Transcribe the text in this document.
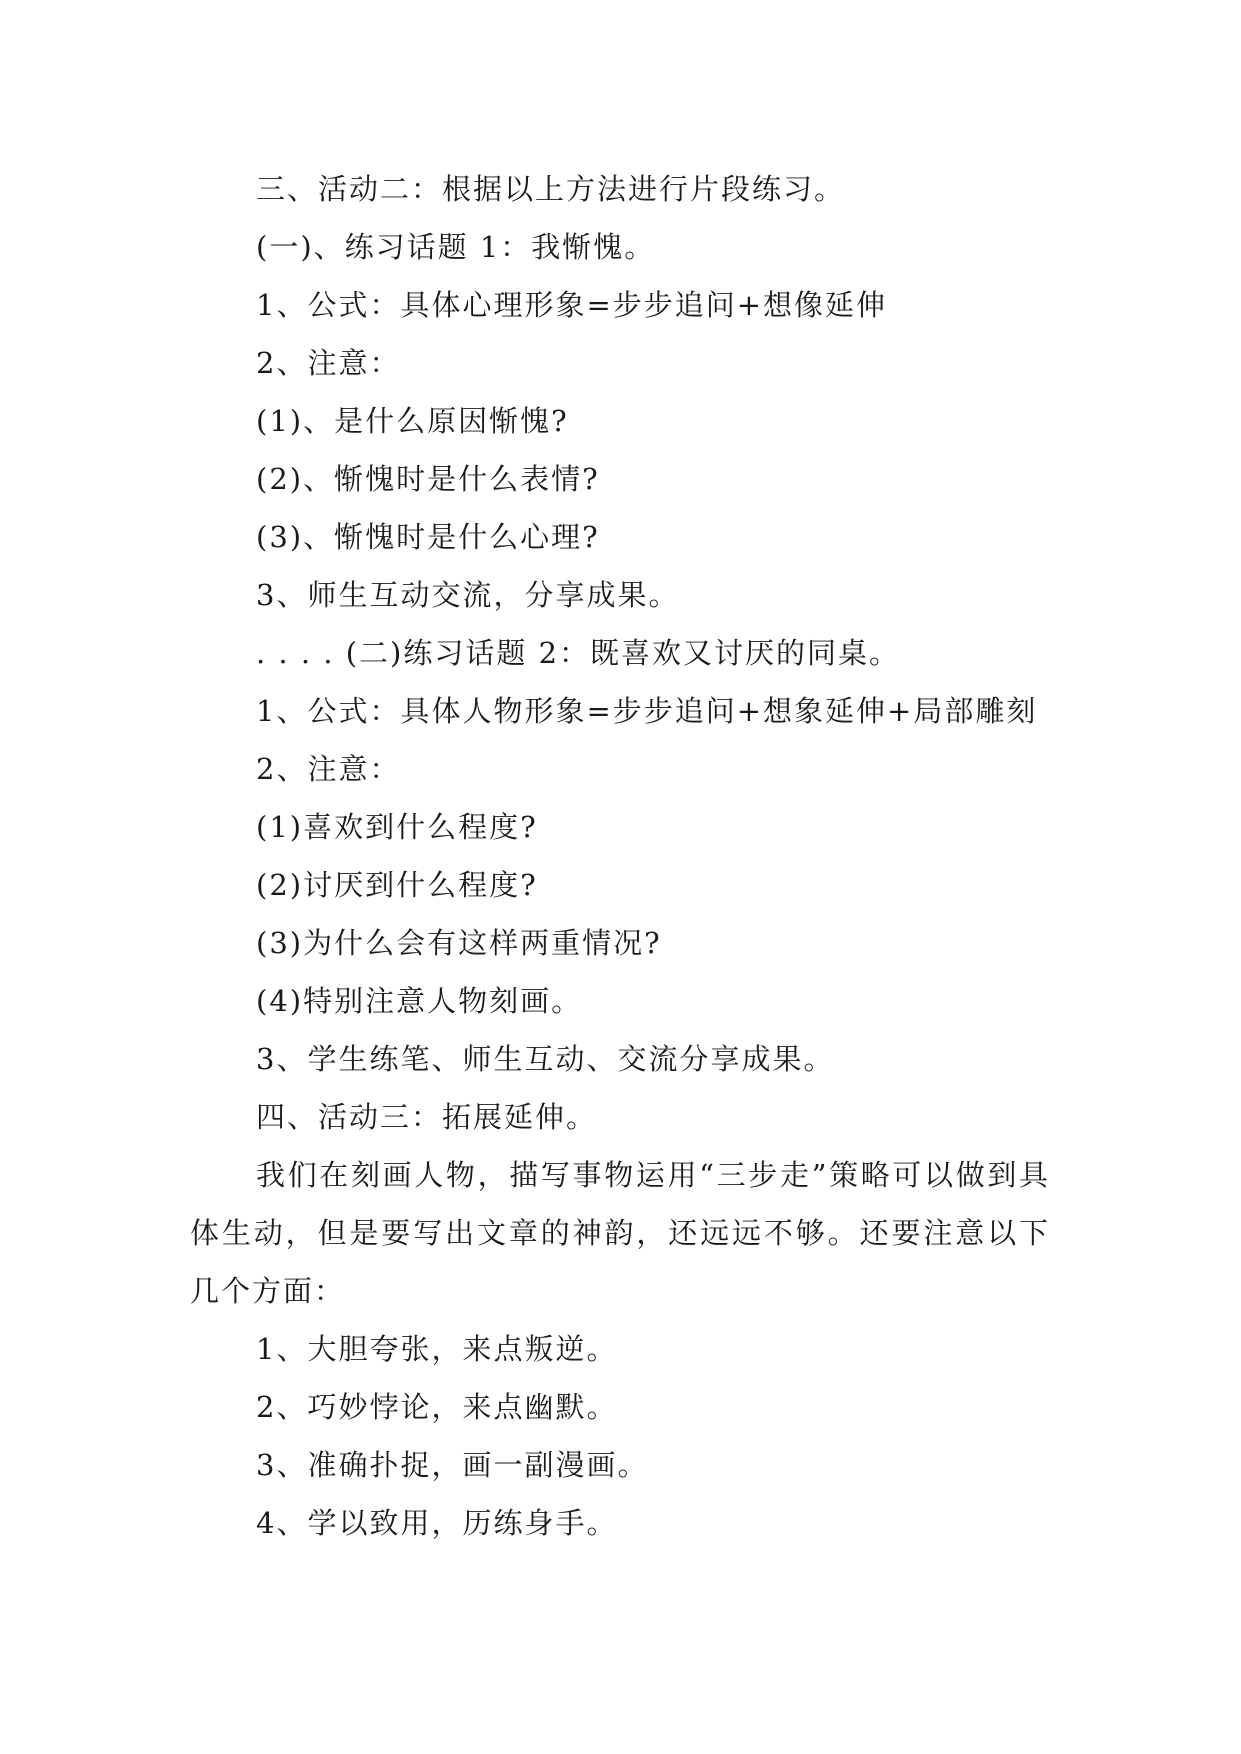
三、活动二：根据以上方法进行片段练习。
(一)、练习话题 1：我惭愧。
1、公式：具体心理形象=步步追问+想像延伸
2、注意：
(1)、是什么原因惭愧?
(2)、惭愧时是什么表情?
(3)、惭愧时是什么心理?
3、师生互动交流，分享成果。
. . . . (二)练习话题 2：既喜欢又讨厌的同桌。
1、公式：具体人物形象=步步追问+想象延伸+局部雕刻
2、注意：
(1)喜欢到什么程度?
(2)讨厌到什么程度?
(3)为什么会有这样两重情况?
(4)特别注意人物刻画。
3、学生练笔、师生互动、交流分享成果。
四、活动三：拓展延伸。

我们在刻画人物，描写事物运用“三步走”策略可以做到具体生动，但是要写出文章的神韵，还远远不够。还要注意以下几个方面：

1、大胆夸张，来点叛逆。
2、巧妙悖论，来点幽默。
3、准确扑捉，画一副漫画。
4、学以致用，历练身手。
